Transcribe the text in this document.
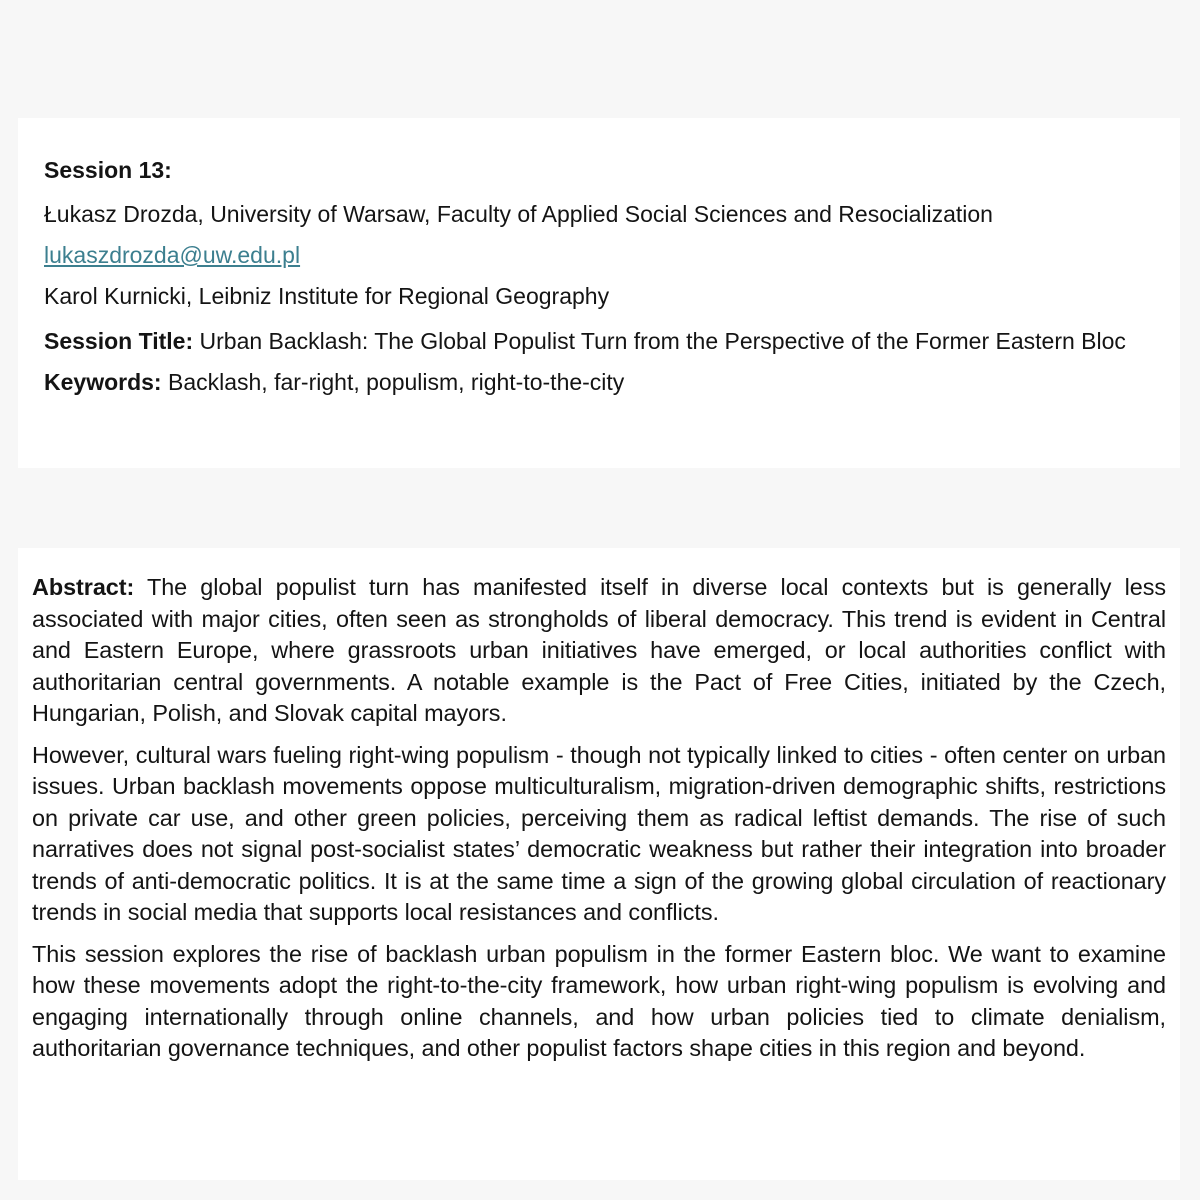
Session 13:
Łukasz Drozda, University of Warsaw, Faculty of Applied Social Sciences and Resocialization
lukaszdrozda@uw.edu.pl
Karol Kurnicki, Leibniz Institute for Regional Geography
Session Title: Urban Backlash: The Global Populist Turn from the Perspective of the Former Eastern Bloc
Keywords: Backlash, far-right, populism, right-to-the-city

Abstract: The global populist turn has manifested itself in diverse local contexts but is generally less associated with major cities, often seen as strongholds of liberal democracy. This trend is evident in Central and Eastern Europe, where grassroots urban initiatives have emerged, or local authorities conflict with authoritarian central governments. A notable example is the Pact of Free Cities, initiated by the Czech, Hungarian, Polish, and Slovak capital mayors.

However, cultural wars fueling right-wing populism - though not typically linked to cities - often center on urban issues. Urban backlash movements oppose multiculturalism, migration-driven demographic shifts, restrictions on private car use, and other green policies, perceiving them as radical leftist demands. The rise of such narratives does not signal post-socialist states’ democratic weakness but rather their integration into broader trends of anti-democratic politics. It is at the same time a sign of the growing global circulation of reactionary trends in social media that supports local resistances and conflicts.

This session explores the rise of backlash urban populism in the former Eastern bloc. We want to examine how these movements adopt the right-to-the-city framework, how urban right-wing populism is evolving and engaging internationally through online channels, and how urban policies tied to climate denialism, authoritarian governance techniques, and other populist factors shape cities in this region and beyond.
